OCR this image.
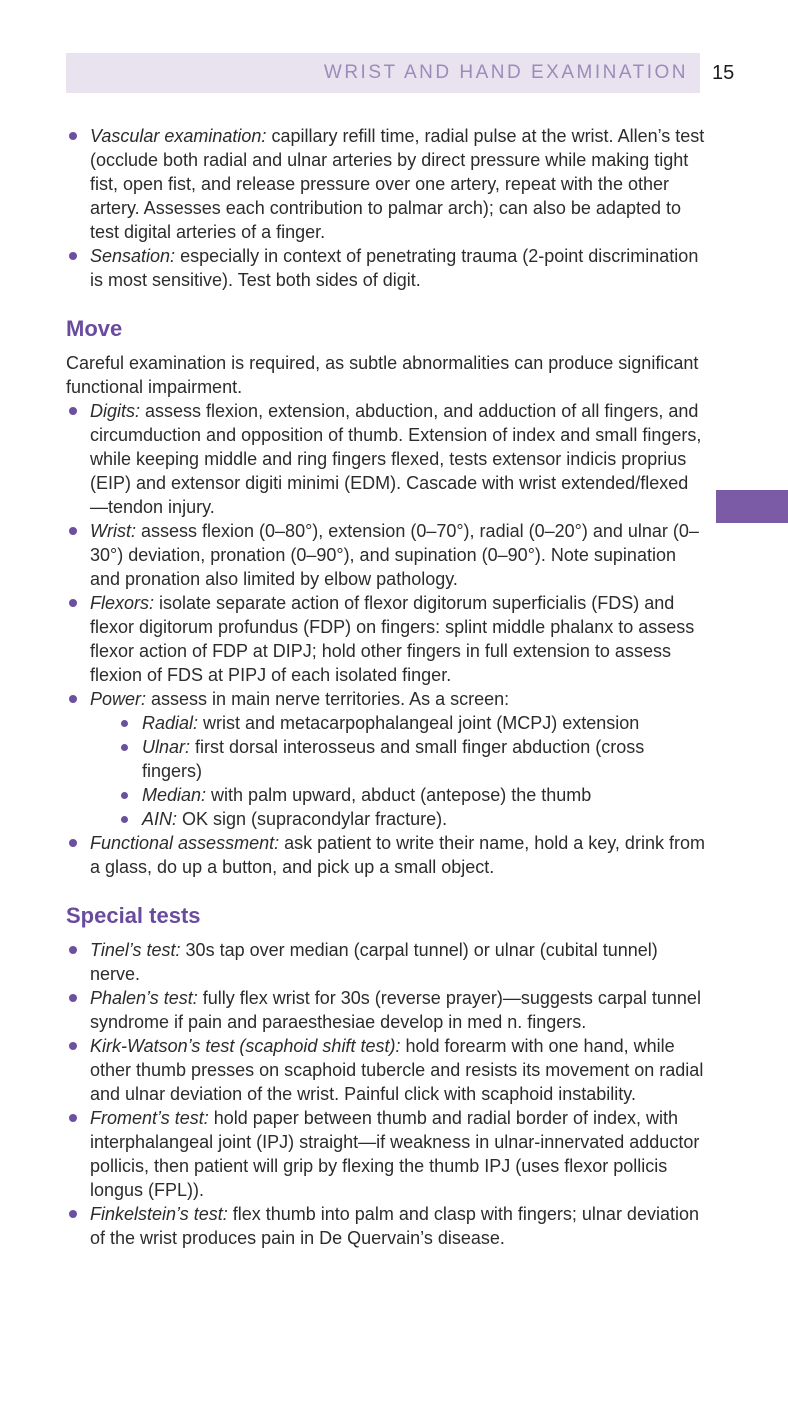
WRIST AND HAND EXAMINATION 15
Vascular examination: capillary refill time, radial pulse at the wrist. Allen’s test (occlude both radial and ulnar arteries by direct pressure while making tight fist, open fist, and release pressure over one artery, repeat with the other artery. Assesses each contribution to palmar arch); can also be adapted to test digital arteries of a finger.
Sensation: especially in context of penetrating trauma (2-point discrimination is most sensitive). Test both sides of digit.
Move

Careful examination is required, as subtle abnormalities can produce significant functional impairment.

Digits: assess flexion, extension, abduction, and adduction of all fingers, and circumduction and opposition of thumb. Extension of index and small fingers, while keeping middle and ring fingers flexed, tests extensor indicis proprius (EIP) and extensor digiti minimi (EDM). Cascade with wrist extended/flexed—tendon injury.
Wrist: assess flexion (0–80°), extension (0–70°), radial (0–20°) and ulnar (0–30°) deviation, pronation (0–90°), and supination (0–90°). Note supination and pronation also limited by elbow pathology.
Flexors: isolate separate action of flexor digitorum superficialis (FDS) and flexor digitorum profundus (FDP) on fingers: splint middle phalanx to assess flexor action of FDP at DIPJ; hold other fingers in full extension to assess flexion of FDS at PIPJ of each isolated finger.
Power: assess in main nerve territories. As a screen:
Radial: wrist and metacarpophalangeal joint (MCPJ) extension
Ulnar: first dorsal interosseus and small finger abduction (cross fingers)
Median: with palm upward, abduct (antepose) the thumb
AIN: OK sign (supracondylar fracture).
Functional assessment: ask patient to write their name, hold a key, drink from a glass, do up a button, and pick up a small object.
Special tests
Tinel’s test: 30s tap over median (carpal tunnel) or ulnar (cubital tunnel) nerve.
Phalen’s test: fully flex wrist for 30s (reverse prayer)—suggests carpal tunnel syndrome if pain and paraesthesiae develop in med n. fingers.
Kirk-Watson’s test (scaphoid shift test): hold forearm with one hand, while other thumb presses on scaphoid tubercle and resists its movement on radial and ulnar deviation of the wrist. Painful click with scaphoid instability.
Froment’s test: hold paper between thumb and radial border of index, with interphalangeal joint (IPJ) straight—if weakness in ulnar-innervated adductor pollicis, then patient will grip by flexing the thumb IPJ (uses flexor pollicis longus (FPL)).
Finkelstein’s test: flex thumb into palm and clasp with fingers; ulnar deviation of the wrist produces pain in De Quervain’s disease.
